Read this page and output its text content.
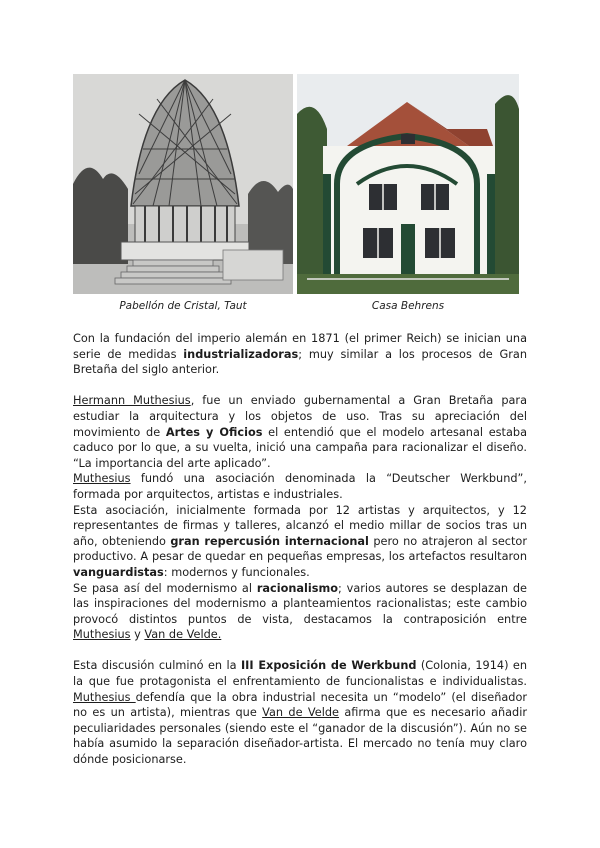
Pabellón de Cristal, Taut	Casa Behrens

Con la fundación del imperio alemán en 1871 (el primer Reich) se inician una serie de medidas industrializadoras; muy similar a los procesos de Gran Bretaña del siglo anterior.

Hermann Muthesius, fue un enviado gubernamental a Gran Bretaña para estudiar la arquitectura y los objetos de uso. Tras su apreciación del movimiento de Artes y Oficios el entendió que el modelo artesanal estaba caduco por lo que, a su vuelta, inició una campaña para racionalizar el diseño. “La importancia del arte aplicado”.

Muthesius fundó una asociación denominada la “Deutscher Werkbund”, formada por arquitectos, artistas e industriales.

Esta asociación, inicialmente formada por 12 artistas y arquitectos, y 12 representantes de firmas y talleres, alcanzó el medio millar de socios tras un año, obteniendo gran repercusión internacional pero no atrajeron al sector productivo. A pesar de quedar en pequeñas empresas, los artefactos resultaron vanguardistas: modernos y funcionales.

Se pasa así del modernismo al racionalismo; varios autores se desplazan de las inspiraciones del modernismo a planteamientos racionalistas; este cambio provocó distintos puntos de vista, destacamos la contraposición entre Muthesius y Van de Velde.

Esta discusión culminó en la III Exposición de Werkbund (Colonia, 1914) en la que fue protagonista el enfrentamiento de funcionalistas e individualistas. Muthesius defendía que la obra industrial necesita un “modelo” (el diseñador no es un artista), mientras que Van de Velde afirma que es necesario añadir peculiaridades personales (siendo este el “ganador de la discusión”). Aún no se había asumido la separación diseñador-artista. El mercado no tenía muy claro dónde posicionarse.
